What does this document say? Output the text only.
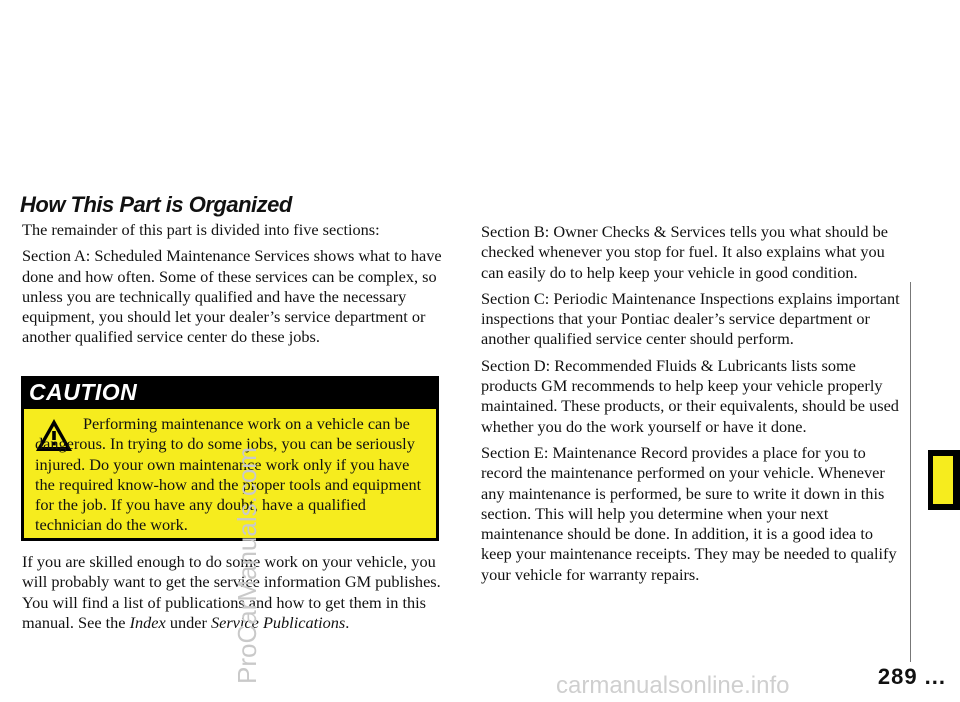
How This Part is Organized

The remainder of this part is divided into five sections:

Section A: Scheduled Maintenance Services shows what to have done and how often. Some of these services can be complex, so unless you are technically qualified and have the necessary equipment, you should let your dealer’s service department or another qualified service center do these jobs.

CAUTION

Performing maintenance work on a vehicle can be dangerous. In trying to do some jobs, you can be seriously injured. Do your own maintenance work only if you have the required know-how and the proper tools and equipment for the job. If you have any doubt, have a qualified technician do the work.

If you are skilled enough to do some work on your vehicle, you will probably want to get the service information GM publishes. You will find a list of publications and how to get them in this manual. See the Index under Service Publications.

Section B: Owner Checks & Services tells you what should be checked whenever you stop for fuel. It also explains what you can easily do to help keep your vehicle in good condition.

Section C: Periodic Maintenance Inspections explains important inspections that your Pontiac dealer’s service department or another qualified service center should perform.

Section D: Recommended Fluids & Lubricants lists some products GM recommends to help keep your vehicle properly maintained. These products, or their equivalents, should be used whether you do the work yourself or have it done.

Section E: Maintenance Record provides a place for you to record the maintenance performed on your vehicle. Whenever any maintenance is performed, be sure to write it down in this section. This will help you determine when your next maintenance should be done. In addition, it is a good idea to keep your maintenance receipts. They may be needed to qualify your vehicle for warranty repairs.

289 ...
ProCarManuals.com
carmanualsonline.info
